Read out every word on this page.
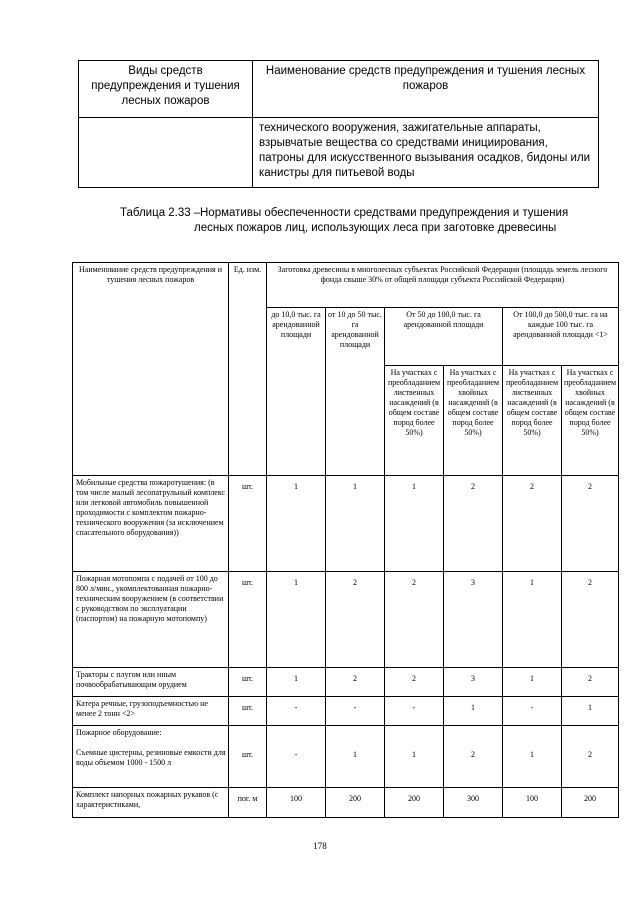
Виды средств предупреждения и тушения лесных пожаров	Наименование средств предупреждения и тушения лесных пожаров
	технического вооружения, зажигательные аппараты, взрывчатые вещества со средствами инициирования, патроны для искусственного вызывания осадков, бидоны или канистры для питьевой воды
Таблица 2.33 – Нормативы обеспеченности средствами предупреждения и тушения лесных пожаров лиц, использующих леса при заготовке древесины
Наименование средств предупреждения и тушения лесных пожаров	Ед. изм.	Заготовка древесины в многолесных субъектах Российской Федерации (площадь земель лесного фонда свыше 30% от общей площади субъекта Российской Федерации)					
		до 10,0 тыс. га арендованной площади	от 10 до 50 тыс. га арендованной площади	От 50 до 100,0 тыс. га арендованной площади		От 100,0 до 500,0 тыс. га на каждые 100 тыс. га арендованной площади <1>	
				На участках с преобладанием лиственных насаждений (в общем составе пород более 50%)	На участках с преобладанием хвойных насаждений (в общем составе пород более 50%)	На участках с преобладанием лиственных насаждений (в общем составе пород более 50%)	На участках с преобладанием хвойных насаждений (в общем составе пород более 50%)
Мобильные средства пожаротушения: (в том числе малый лесопатрульный комплекс или легковой автомобиль повышенной проходимости с комплектом пожарно-технического вооружения (за исключением спасательного оборудования))	шт.	1	1	1	2	2	2
Пожарная мотопомпа с подачей от 100 до 800 л/мин., укомплектованная пожарно-техническим вооружением (в соответствии с руководством по эксплуатации (паспортом) на пожарную мотопомпу)	шт.	1	2	2	3	1	2
Тракторы с плугом или иным почвообрабатывающим орудием	шт.	1	2	2	3	1	2
Катера речные, грузоподъемностью не менее 2 тонн <2>	шт.	-	-	-	1	-	1

Пожарное оборудование:
Съемные цистерны, резиновые емкости для воды объемом 1000 - 1500 л	шт.	-	1	1	2	1	2
Комплект напорных пожарных рукавов (с характеристиками,	пог. м	100	200	200	300	100	200
178
